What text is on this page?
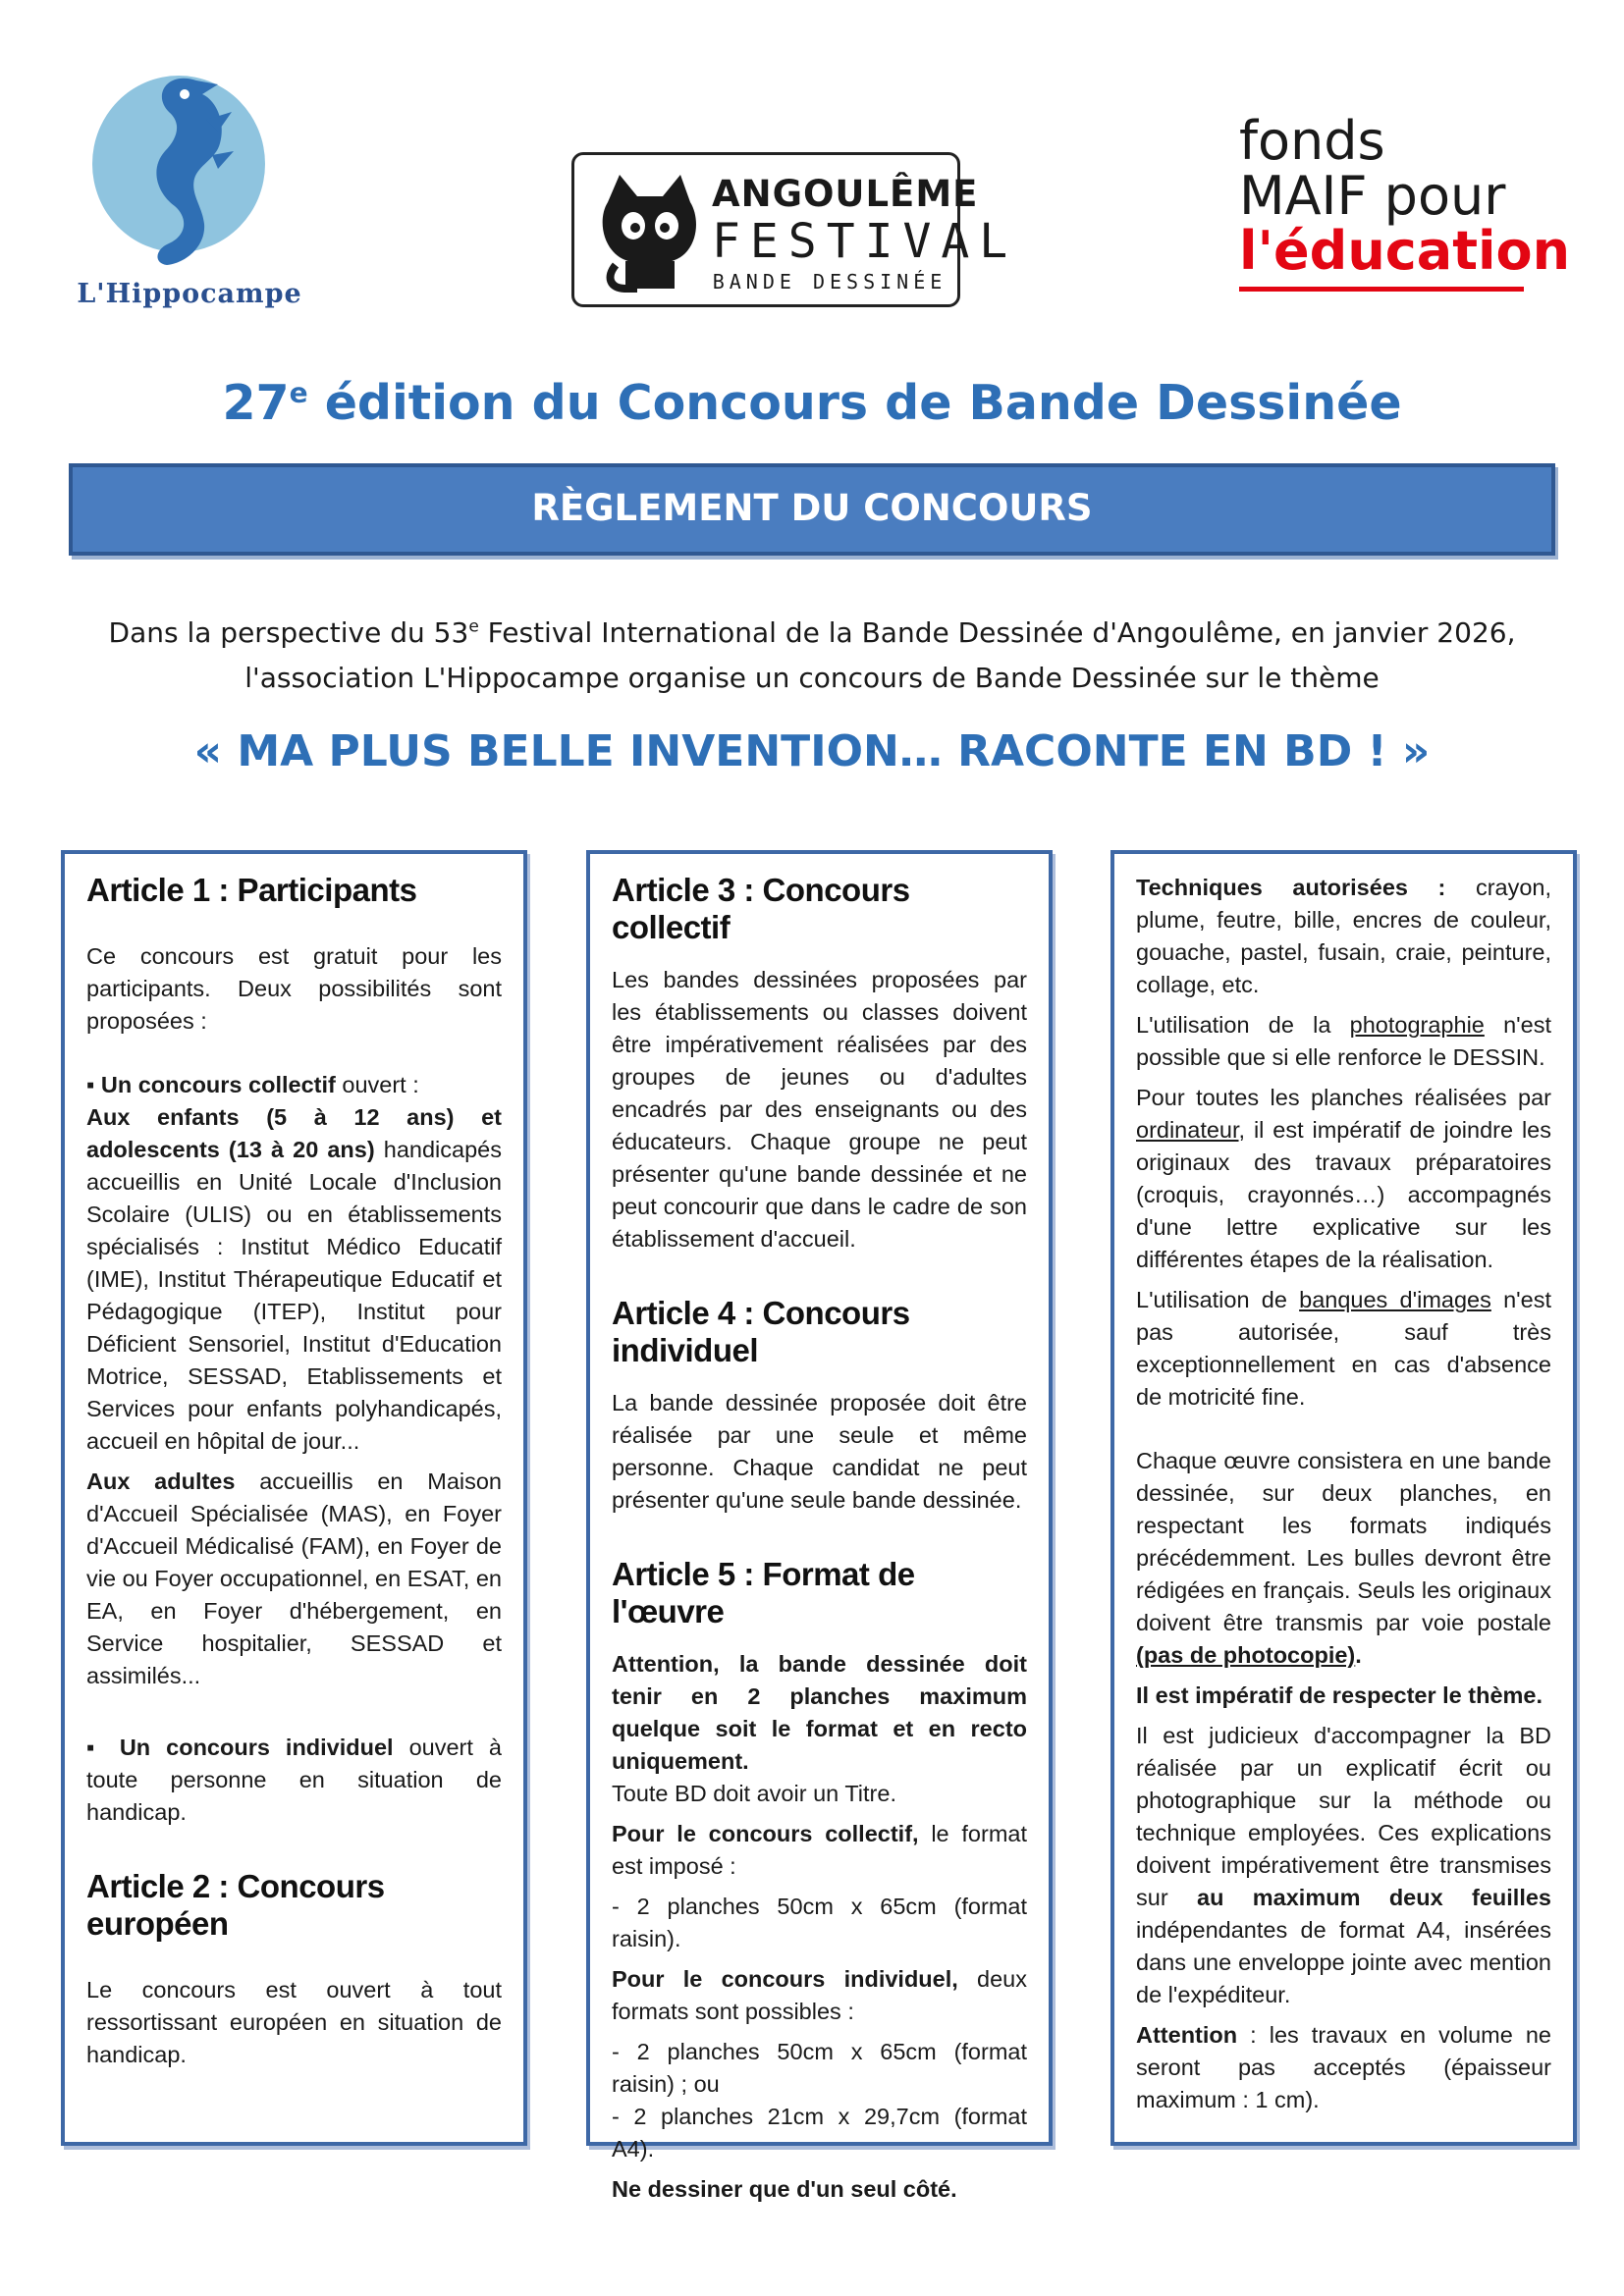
L'Hippocampe
ANGOULÊME
FESTIVAL
BANDE DESSINÉE
fonds
MAIF pour
l'éducation
27e édition du Concours de Bande Dessinée
RÈGLEMENT DU CONCOURS
Dans la perspective du 53e Festival International de la Bande Dessinée d'Angoulême, en janvier 2026,
l'association L'Hippocampe organise un concours de Bande Dessinée sur le thème
« MA PLUS BELLE INVENTION… RACONTE EN BD ! »
Article 1 : Participants

Ce concours est gratuit pour les participants. Deux possibilités sont proposées :

▪ Un concours collectif ouvert :

Aux enfants (5 à 12 ans) et adolescents (13 à 20 ans) handicapés accueillis en Unité Locale d'Inclusion Scolaire (ULIS) ou en établissements spécialisés : Institut Médico Educatif (IME), Institut Thérapeutique Educatif et Pédagogique (ITEP), Institut pour Déficient Sensoriel, Institut d'Education Motrice, SESSAD, Etablissements et Services pour enfants polyhandicapés, accueil en hôpital de jour...

Aux adultes accueillis en Maison d'Accueil Spécialisée (MAS), en Foyer d'Accueil Médicalisé (FAM), en Foyer de vie ou Foyer occupationnel, en ESAT, en EA, en Foyer d'hébergement, en Service hospitalier, SESSAD et assimilés...

▪ Un concours individuel ouvert à toute personne en situation de handicap.

Article 2 : Concours européen

Le concours est ouvert à tout ressortissant européen en situation de handicap.

Article 3 : Concours collectif

Les bandes dessinées proposées par les établissements ou classes doivent être impérativement réalisées par des groupes de jeunes ou d'adultes encadrés par des enseignants ou des éducateurs. Chaque groupe ne peut présenter qu'une bande dessinée et ne peut concourir que dans le cadre de son établissement d'accueil.

Article 4 : Concours individuel

La bande dessinée proposée doit être réalisée par une seule et même personne. Chaque candidat ne peut présenter qu'une seule bande dessinée.

Article 5 : Format de l'œuvre

Attention, la bande dessinée doit tenir en 2 planches maximum quelque soit le format et en recto uniquement.

Toute BD doit avoir un Titre.

Pour le concours collectif, le format est imposé :

- 2 planches 50cm x 65cm (format raisin).

Pour le concours individuel, deux formats sont possibles :

- 2 planches 50cm x 65cm (format raisin) ; ou

- 2 planches 21cm x 29,7cm (format A4).

Ne dessiner que d'un seul côté.

Techniques autorisées : crayon, plume, feutre, bille, encres de couleur, gouache, pastel, fusain, craie, peinture, collage, etc.

L'utilisation de la photographie n'est possible que si elle renforce le DESSIN.

Pour toutes les planches réalisées par ordinateur, il est impératif de joindre les originaux des travaux préparatoires (croquis, crayonnés…) accompagnés d'une lettre explicative sur les différentes étapes de la réalisation.

L'utilisation de banques d'images n'est pas autorisée, sauf très exceptionnellement en cas d'absence de motricité fine.

Chaque œuvre consistera en une bande dessinée, sur deux planches, en respectant les formats indiqués précédemment. Les bulles devront être rédigées en français. Seuls les originaux doivent être transmis par voie postale (pas de photocopie).

Il est impératif de respecter le thème.

Il est judicieux d'accompagner la BD réalisée par un explicatif écrit ou photographique sur la méthode ou technique employées. Ces explications doivent impérativement être transmises sur au maximum deux feuilles indépendantes de format A4, insérées dans une enveloppe jointe avec mention de l'expéditeur.

Attention : les travaux en volume ne seront pas acceptés (épaisseur maximum : 1 cm).
